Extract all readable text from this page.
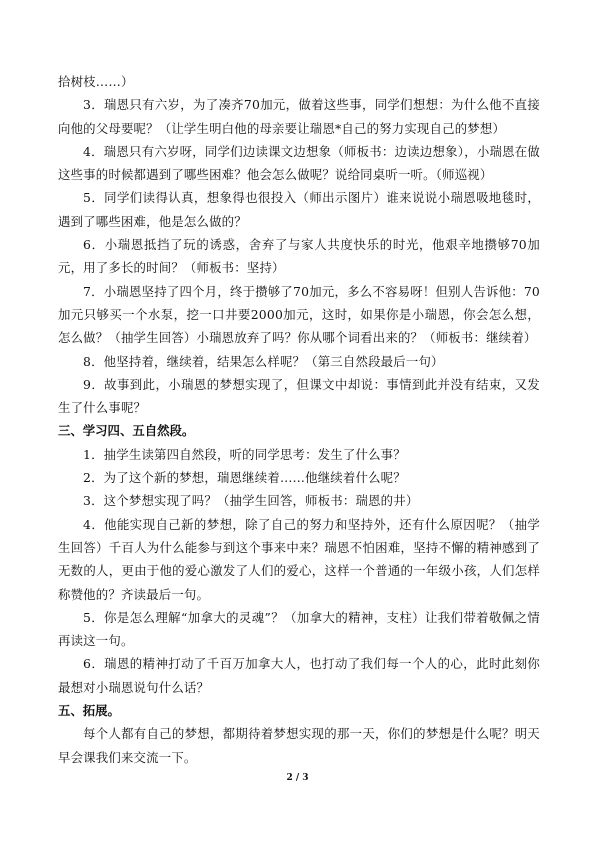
拾树枝……）

3．瑞恩只有六岁，为了凑齐70加元，做着这些事，同学们想想：为什么他不直接向他的父母要呢？（让学生明白他的母亲要让瑞恩*自己的努力实现自己的梦想）

4．瑞恩只有六岁呀，同学们边读课文边想象（师板书：边读边想象），小瑞恩在做这些事的时候都遇到了哪些困难？他会怎么做呢？说给同桌听一听。（师巡视）

5．同学们读得认真，想象得也很投入（师出示图片）谁来说说小瑞恩吸地毯时，遇到了哪些困难，他是怎么做的？

6．小瑞恩抵挡了玩的诱惑，舍弃了与家人共度快乐的时光，他艰辛地攒够70加元，用了多长的时间？（师板书：坚持）

7．小瑞恩坚持了四个月，终于攒够了70加元，多么不容易呀！但别人告诉他：70加元只够买一个水泵，挖一口井要2000加元，这时，如果你是小瑞恩，你会怎么想，怎么做？（抽学生回答）小瑞恩放弃了吗？你从哪个词看出来的？（师板书：继续着）

8．他坚持着，继续着，结果怎么样呢？（第三自然段最后一句）

9．故事到此，小瑞恩的梦想实现了，但课文中却说：事情到此并没有结束，又发生了什么事呢？

三、学习四、五自然段。

1．抽学生读第四自然段，听的同学思考：发生了什么事？

2．为了这个新的梦想，瑞恩继续着……他继续着什么呢？

3．这个梦想实现了吗？（抽学生回答，师板书：瑞恩的井）

4．他能实现自己新的梦想，除了自己的努力和坚持外，还有什么原因呢？（抽学生回答）千百人为什么能参与到这个事来中来？瑞恩不怕困难，坚持不懈的精神感到了无数的人，更由于他的爱心激发了人们的爱心，这样一个普通的一年级小孩，人们怎样称赞他的？齐读最后一句。

5．你是怎么理解“加拿大的灵魂”？（加拿大的精神，支柱）让我们带着敬佩之情再读这一句。

6．瑞恩的精神打动了千百万加拿大人，也打动了我们每一个人的心，此时此刻你最想对小瑞恩说句什么话？

五、拓展。

每个人都有自己的梦想，都期待着梦想实现的那一天，你们的梦想是什么呢？明天早会课我们来交流一下。

2 / 3
